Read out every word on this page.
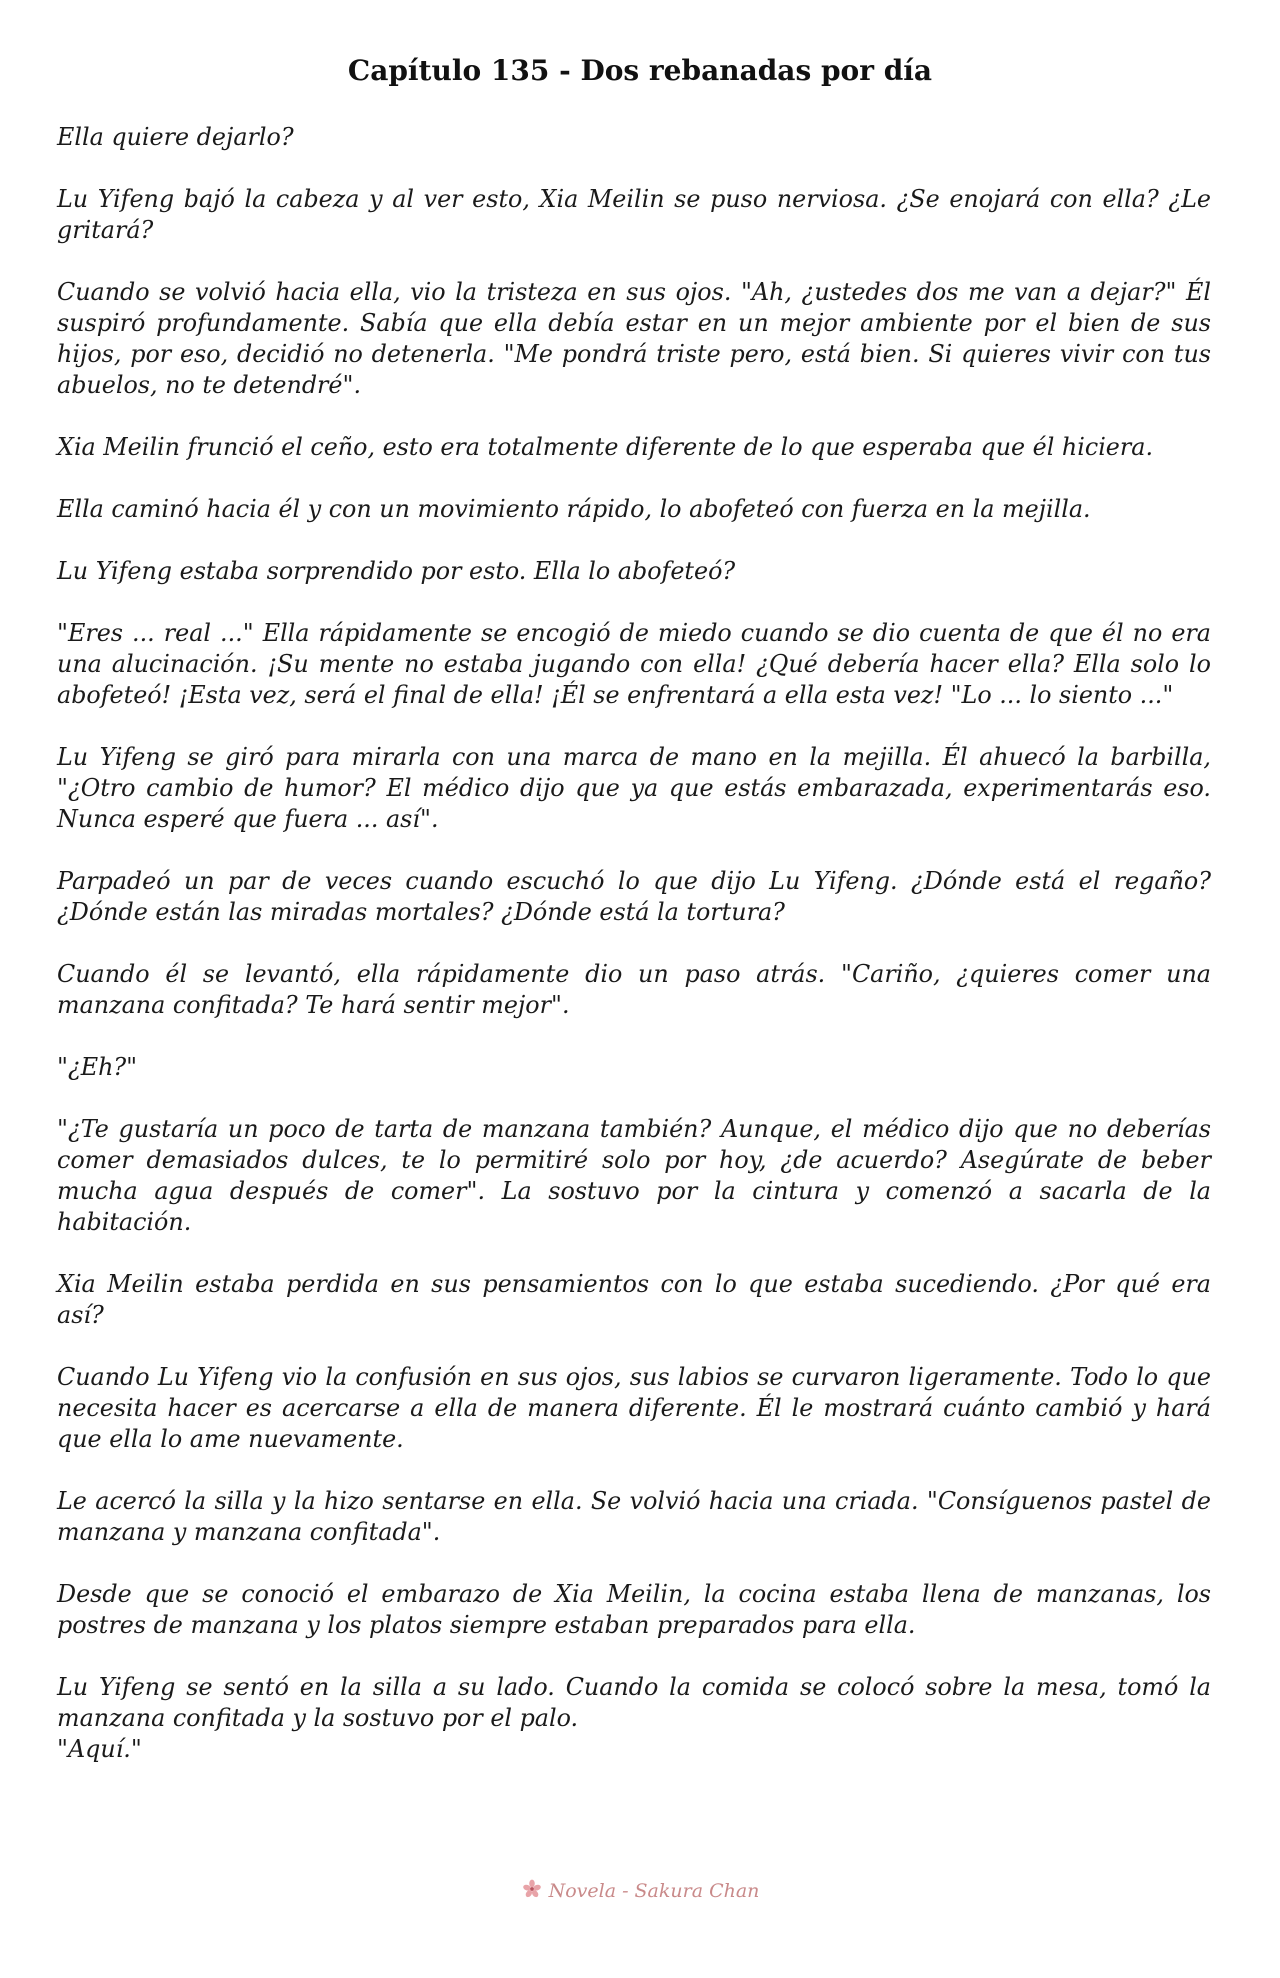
Capítulo 135 - Dos rebanadas por día

Ella quiere dejarlo?

Lu Yifeng bajó la cabeza y al ver esto, Xia Meilin se puso nerviosa. ¿Se enojará con ella? ¿Le gritará?

Cuando se volvió hacia ella, vio la tristeza en sus ojos. "Ah, ¿ustedes dos me van a dejar?" Él suspiró profundamente. Sabía que ella debía estar en un mejor ambiente por el bien de sus hijos, por eso, decidió no detenerla. "Me pondrá triste pero, está bien. Si quieres vivir con tus abuelos, no te detendré".

Xia Meilin frunció el ceño, esto era totalmente diferente de lo que esperaba que él hiciera.

Ella caminó hacia él y con un movimiento rápido, lo abofeteó con fuerza en la mejilla.

Lu Yifeng estaba sorprendido por esto. Ella lo abofeteó?

"Eres ... real ..." Ella rápidamente se encogió de miedo cuando se dio cuenta de que él no era una alucinación. ¡Su mente no estaba jugando con ella! ¿Qué debería hacer ella? Ella solo lo abofeteó! ¡Esta vez, será el final de ella! ¡Él se enfrentará a ella esta vez! "Lo ... lo siento ..."

Lu Yifeng se giró para mirarla con una marca de mano en la mejilla. Él ahuecó la barbilla, "¿Otro cambio de humor? El médico dijo que ya que estás embarazada, experimentarás eso. Nunca esperé que fuera ... así".

Parpadeó un par de veces cuando escuchó lo que dijo Lu Yifeng. ¿Dónde está el regaño? ¿Dónde están las miradas mortales? ¿Dónde está la tortura?

Cuando él se levantó, ella rápidamente dio un paso atrás. "Cariño, ¿quieres comer una manzana confitada? Te hará sentir mejor".

"¿Eh?"

"¿Te gustaría un poco de tarta de manzana también? Aunque, el médico dijo que no deberías comer demasiados dulces, te lo permitiré solo por hoy, ¿de acuerdo? Asegúrate de beber mucha agua después de comer". La sostuvo por la cintura y comenzó a sacarla de la habitación.

Xia Meilin estaba perdida en sus pensamientos con lo que estaba sucediendo. ¿Por qué era así?

Cuando Lu Yifeng vio la confusión en sus ojos, sus labios se curvaron ligeramente. Todo lo que necesita hacer es acercarse a ella de manera diferente. Él le mostrará cuánto cambió y hará que ella lo ame nuevamente.

Le acercó la silla y la hizo sentarse en ella. Se volvió hacia una criada. "Consíguenos pastel de manzana y manzana confitada".

Desde que se conoció el embarazo de Xia Meilin, la cocina estaba llena de manzanas, los postres de manzana y los platos siempre estaban preparados para ella.

Lu Yifeng se sentó en la silla a su lado. Cuando la comida se colocó sobre la mesa, tomó la manzana confitada y la sostuvo por el palo.

"Aquí."

Novela - Sakura Chan
